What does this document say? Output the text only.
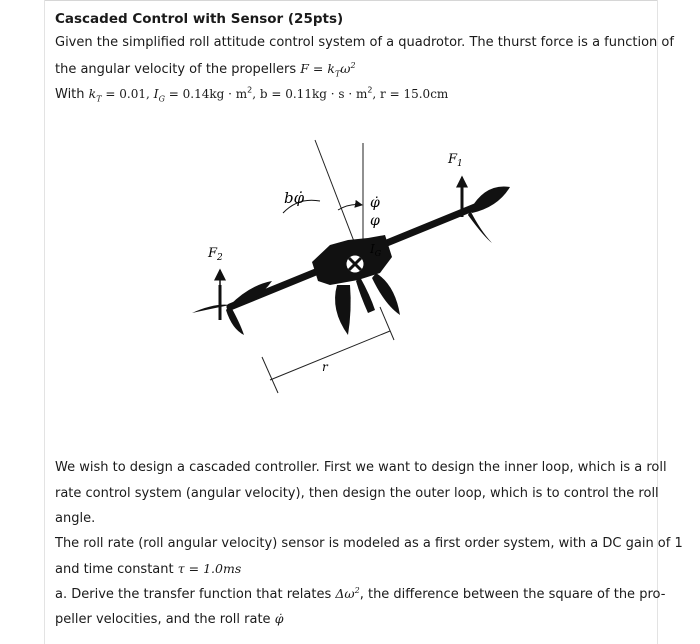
Cascaded Control with Sensor (25pts)
Given the simplified roll attitude control system of a quadrotor. The thurst force is a function of
the angular velocity of the propellers $F = k_T\omega^2$
With $k_T = 0.01$, $I_G = 0.14kg \cdot m^2$, $b = 0.11kg \cdot s \cdot m^2$, r = 15.0cm
$F_1$
$F_2$
bφ̇
$I_G$
φ̇
φ
r
We wish to design a cascaded controller. First we want to design the inner loop, which is a roll
rate control system (angular velocity), then design the outer loop, which is to control the roll
angle.
The roll rate (roll angular velocity) sensor is modeled as a first order system, with a DC gain of 1
and time constant τ = 1.0ms
a. Derive the transfer function that relates $\Delta\omega^2$, the difference between the square of the pro-
peller velocities, and the roll rate φ̇
